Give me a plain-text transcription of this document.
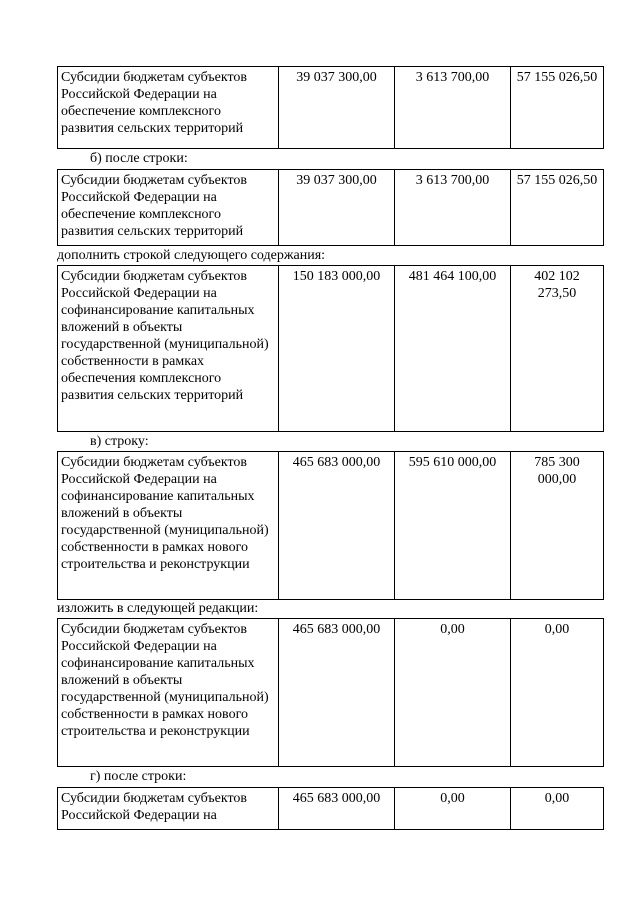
Субсидии бюджетам субъектов Российской Федерации на обеспечение комплексного развития сельских территорий	39 037 300,00	3 613 700,00	57 155 026,50
б) после строки:
Субсидии бюджетам субъектов Российской Федерации на обеспечение комплексного развития сельских территорий	39 037 300,00	3 613 700,00	57 155 026,50
дополнить строкой следующего содержания:
Субсидии бюджетам субъектов Российской Федерации на софинансирование капитальных вложений в объекты государственной (муниципальной) собственности в рамках обеспечения комплексного развития сельских территорий	150 183 000,00	481 464 100,00	402 102 273,50
в) строку:
Субсидии бюджетам субъектов Российской Федерации на софинансирование капитальных вложений в объекты государственной (муниципальной) собственности в рамках нового строительства и реконструкции	465 683 000,00	595 610 000,00	785 300 000,00
изложить в следующей редакции:
Субсидии бюджетам субъектов Российской Федерации на софинансирование капитальных вложений в объекты государственной (муниципальной) собственности в рамках нового строительства и реконструкции	465 683 000,00	0,00	0,00
г) после строки:
Субсидии бюджетам субъектов Российской Федерации на	465 683 000,00	0,00	0,00
